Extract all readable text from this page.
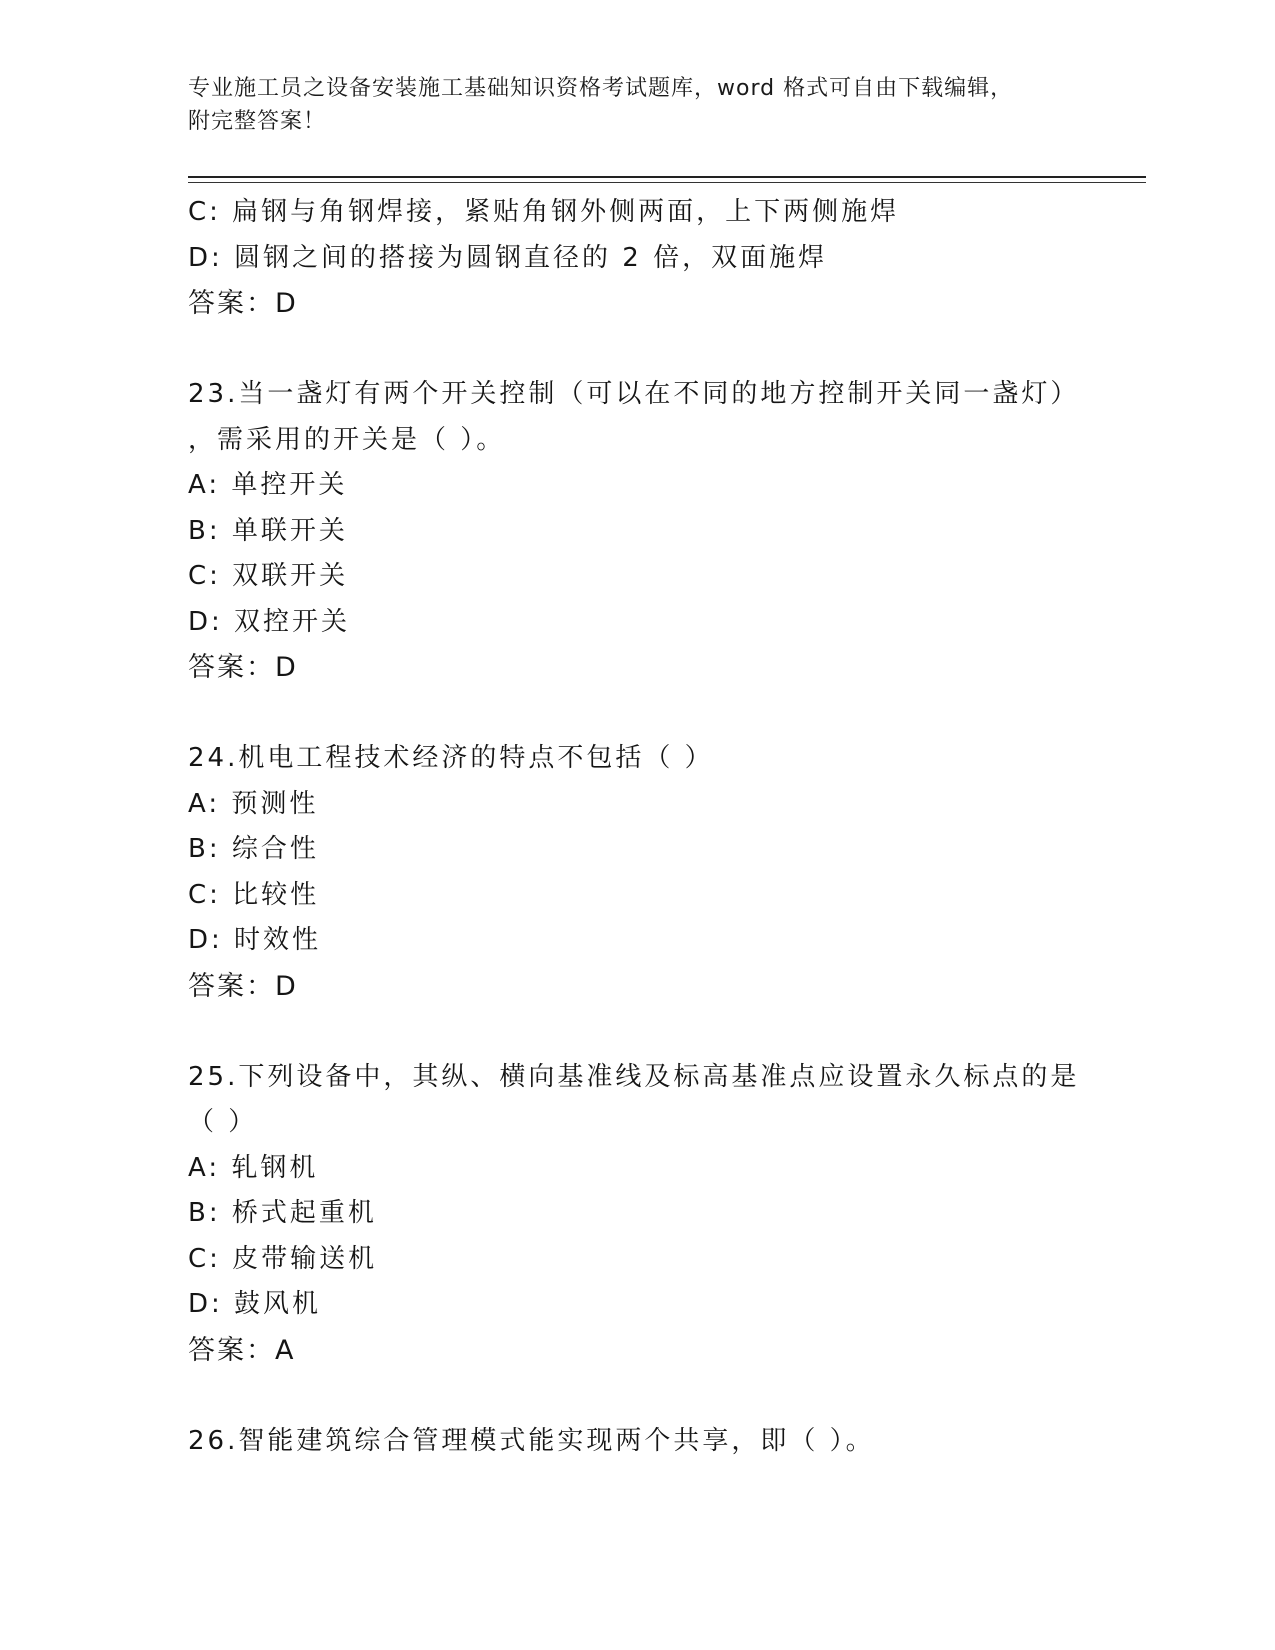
专业施工员之设备安装施工基础知识资格考试题库，word 格式可自由下载编辑，
附完整答案！
C: 扁钢与角钢焊接，紧贴角钢外侧两面，上下两侧施焊
D: 圆钢之间的搭接为圆钢直径的 2 倍，双面施焊
答案：D
23.当一盏灯有两个开关控制（可以在不同的地方控制开关同一盏灯）
，需采用的开关是（ ）。
A: 单控开关
B: 单联开关
C: 双联开关
D: 双控开关
答案：D
24.机电工程技术经济的特点不包括（ ）
A: 预测性
B: 综合性
C: 比较性
D: 时效性
答案：D
25.下列设备中，其纵、横向基准线及标高基准点应设置永久标点的是
（ ）
A: 轧钢机
B: 桥式起重机
C: 皮带输送机
D: 鼓风机
答案：A
26.智能建筑综合管理模式能实现两个共享，即（ ）。
